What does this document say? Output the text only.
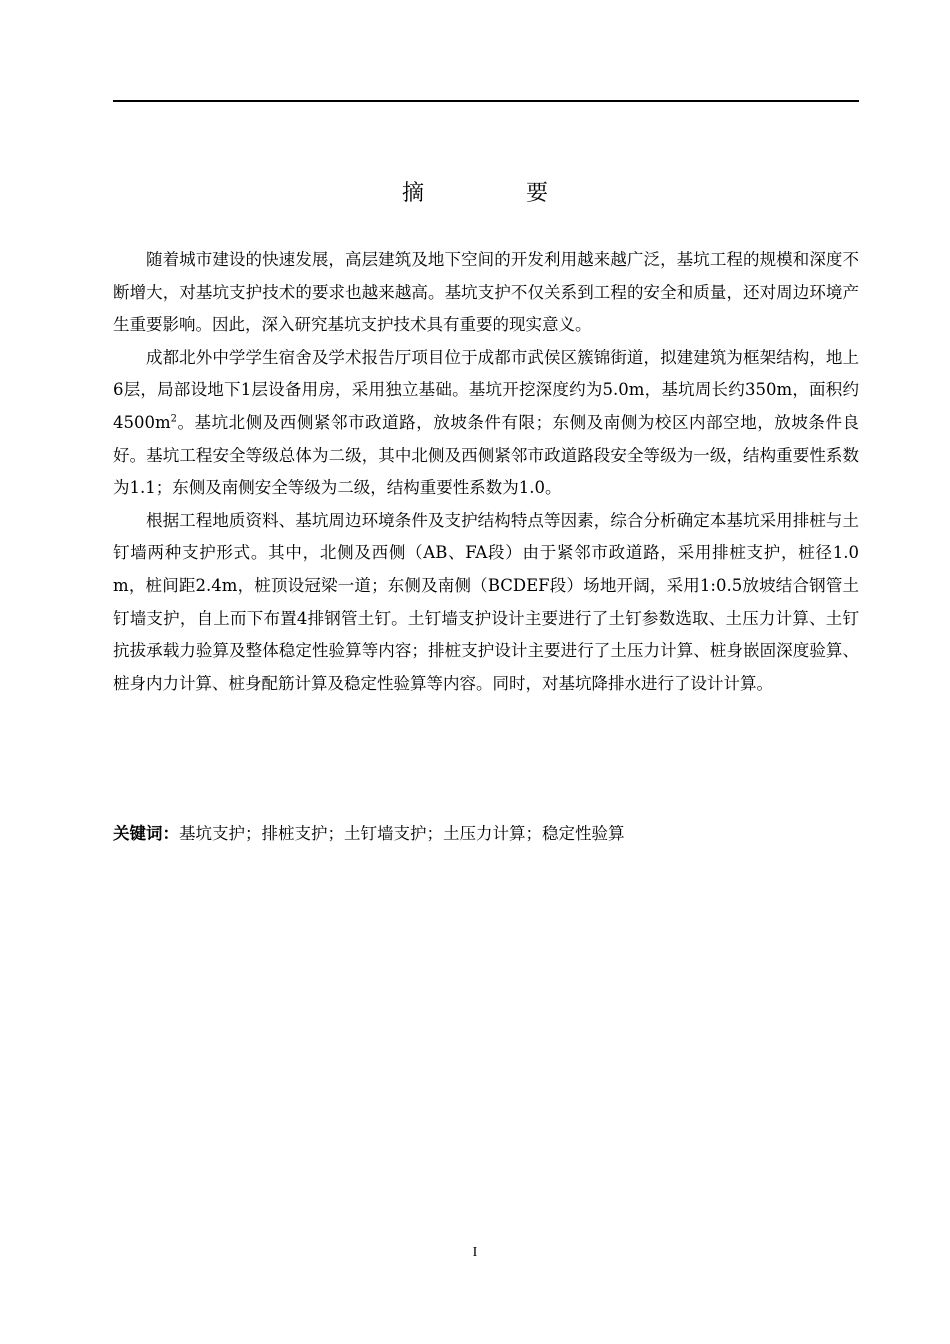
摘　要

随着城市建设的快速发展，高层建筑及地下空间的开发利用越来越广泛，基坑工程的规模和深度不断增大，对基坑支护技术的要求也越来越高。基坑支护不仅关系到工程的安全和质量，还对周边环境产生重要影响。因此，深入研究基坑支护技术具有重要的现实意义。

成都北外中学学生宿舍及学术报告厅项目位于成都市武侯区簇锦街道，拟建建筑为框架结构，地上6层，局部设地下1层设备用房，采用独立基础。基坑开挖深度约为5.0m，基坑周长约350m，面积约$4500m^2$。基坑北侧及西侧紧邻市政道路，放坡条件有限；东侧及南侧为校区内部空地，放坡条件良好。基坑工程安全等级总体为二级，其中北侧及西侧紧邻市政道路段安全等级为一级，结构重要性系数为1.1；东侧及南侧安全等级为二级，结构重要性系数为1.0。

根据工程地质资料、基坑周边环境条件及支护结构特点等因素，综合分析确定本基坑采用排桩与土钉墙两种支护形式。其中，北侧及西侧（AB、FA段）由于紧邻市政道路，采用排桩支护，桩径1.0m，桩间距2.4m，桩顶设冠梁一道；东侧及南侧（BCDEF段）场地开阔，采用1:0.5放坡结合钢管土钉墙支护，自上而下布置4排钢管土钉。土钉墙支护设计主要进行了土钉参数选取、土压力计算、土钉抗拔承载力验算及整体稳定性验算等内容；排桩支护设计主要进行了土压力计算、桩身嵌固深度验算、桩身内力计算、桩身配筋计算及稳定性验算等内容。同时，对基坑降排水进行了设计计算。

关键词：基坑支护；排桩支护；土钉墙支护；土压力计算；稳定性验算
I
